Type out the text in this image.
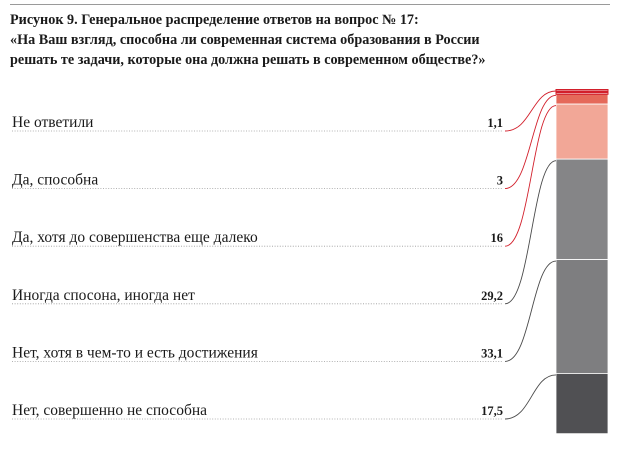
Рисунок 9. Генеральное распределение ответов на вопрос № 17:
«На Ваш взгляд, способна ли современная система образования в России
решать те задачи, которые она должна решать в современном обществе?»
Не ответили	1,1
Да, способна	3
Да, хотя до совершенства еще далеко	16
Иногда спосона, иногда нет	29,2
Нет, хотя в чем-то и есть достижения	33,1
Нет, совершенно не способна	17,5
